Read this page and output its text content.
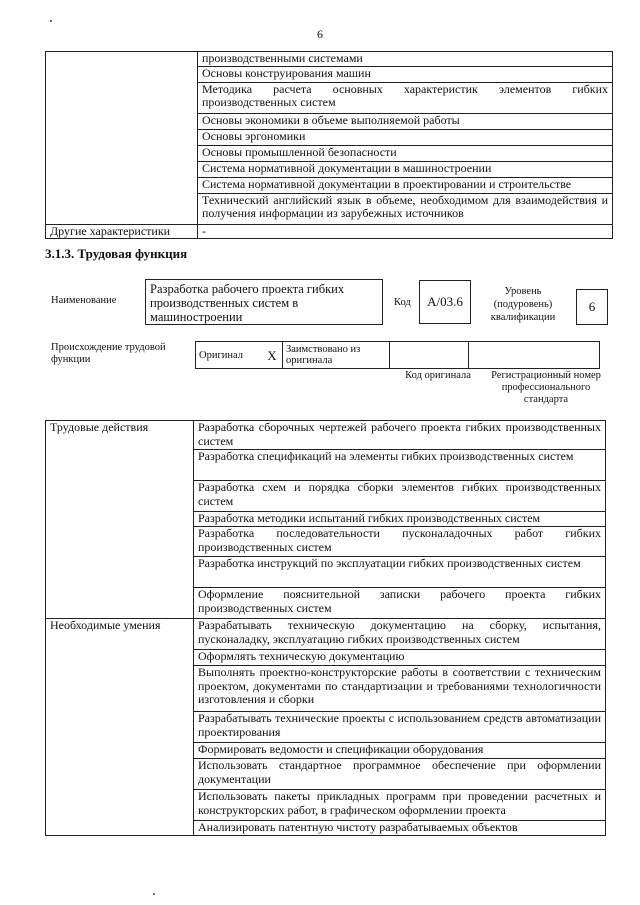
6
	производственными системами
	Основы конструирования машин
	Методика расчета основных характеристик элементов гибких производственных систем
	Основы экономики в объеме выполняемой работы
	Основы эргономики
	Основы промышленной безопасности
	Система нормативной документации в машиностроении
	Система нормативной документации в проектировании и строительстве
	Технический английский язык в объеме, необходимом для взаимодействия и получения информации из зарубежных источников
Другие характеристики	-
3.1.3. Трудовая функция
Наименование
Разработка рабочего проекта гибких производственных систем в машиностроении
Код A/03.6
Уровень (подуровень) квалификации
6
Происхождение трудовой функции	Оригинал	X	Заимствовано из оригинала		
Код оригинала	Регистрационный номер профессионального стандарта
Трудовые действия	Разработка сборочных чертежей рабочего проекта гибких производственных систем
	Разработка спецификаций на элементы гибких производственных систем
	Разработка схем и порядка сборки элементов гибких производственных систем
	Разработка методики испытаний гибких производственных систем
	Разработка последовательности пусконаладочных работ гибких производственных систем
	Разработка инструкций по эксплуатации гибких производственных систем
	Оформление пояснительной записки рабочего проекта гибких производственных систем
Необходимые умения	Разрабатывать техническую документацию на сборку, испытания, пусконаладку, эксплуатацию гибких производственных систем
	Оформлять техническую документацию
	Выполнять проектно-конструкторские работы в соответствии с техническим проектом, документами по стандартизации и требованиями технологичности изготовления и сборки
	Разрабатывать технические проекты с использованием средств автоматизации проектирования
	Формировать ведомости и спецификации оборудования
	Использовать стандартное программное обеспечение при оформлении документации
	Использовать пакеты прикладных программ при проведении расчетных и конструкторских работ, в графическом оформлении проекта
	Анализировать патентную чистоту разрабатываемых объектов
